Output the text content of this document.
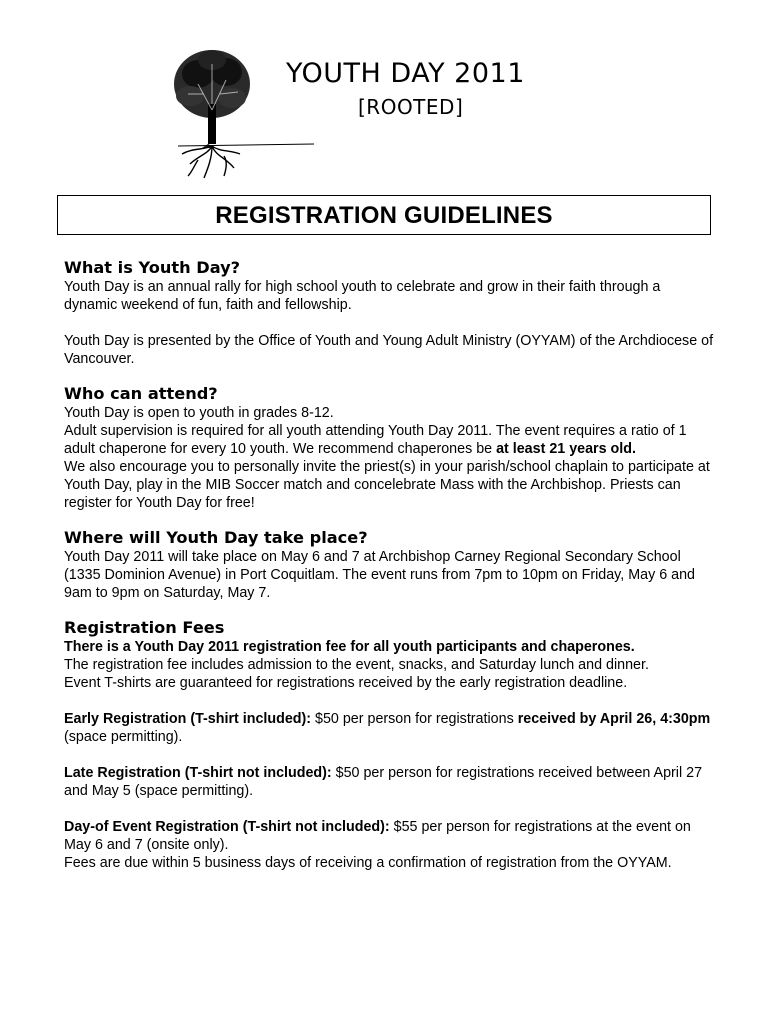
YOUTH DAY 2011
[ROOTED]
REGISTRATION GUIDELINES
What is Youth Day?

Youth Day is an annual rally for high school youth to celebrate and grow in their faith through a dynamic weekend of fun, faith and fellowship.

Youth Day is presented by the Office of Youth and Young Adult Ministry (OYYAM) of the Archdiocese of Vancouver.

Who can attend?

Youth Day is open to youth in grades 8-12.

Adult supervision is required for all youth attending Youth Day 2011. The event requires a ratio of 1 adult chaperone for every 10 youth. We recommend chaperones be at least 21 years old.

We also encourage you to personally invite the priest(s) in your parish/school chaplain to participate at Youth Day, play in the MIB Soccer match and concelebrate Mass with the Archbishop. Priests can register for Youth Day for free!

Where will Youth Day take place?

Youth Day 2011 will take place on May 6 and 7 at Archbishop Carney Regional Secondary School (1335 Dominion Avenue) in Port Coquitlam. The event runs from 7pm to 10pm on Friday, May 6 and 9am to 9pm on Saturday, May 7.

Registration Fees

There is a Youth Day 2011 registration fee for all youth participants and chaperones.

The registration fee includes admission to the event, snacks, and Saturday lunch and dinner.

Event T-shirts are guaranteed for registrations received by the early registration deadline.

Early Registration (T-shirt included): $50 per person for registrations received by April 26, 4:30pm (space permitting).

Late Registration (T-shirt not included): $50 per person for registrations received between April 27 and May 5 (space permitting).

Day-of Event Registration (T-shirt not included): $55 per person for registrations at the event on May 6 and 7 (onsite only).

Fees are due within 5 business days of receiving a confirmation of registration from the OYYAM.
